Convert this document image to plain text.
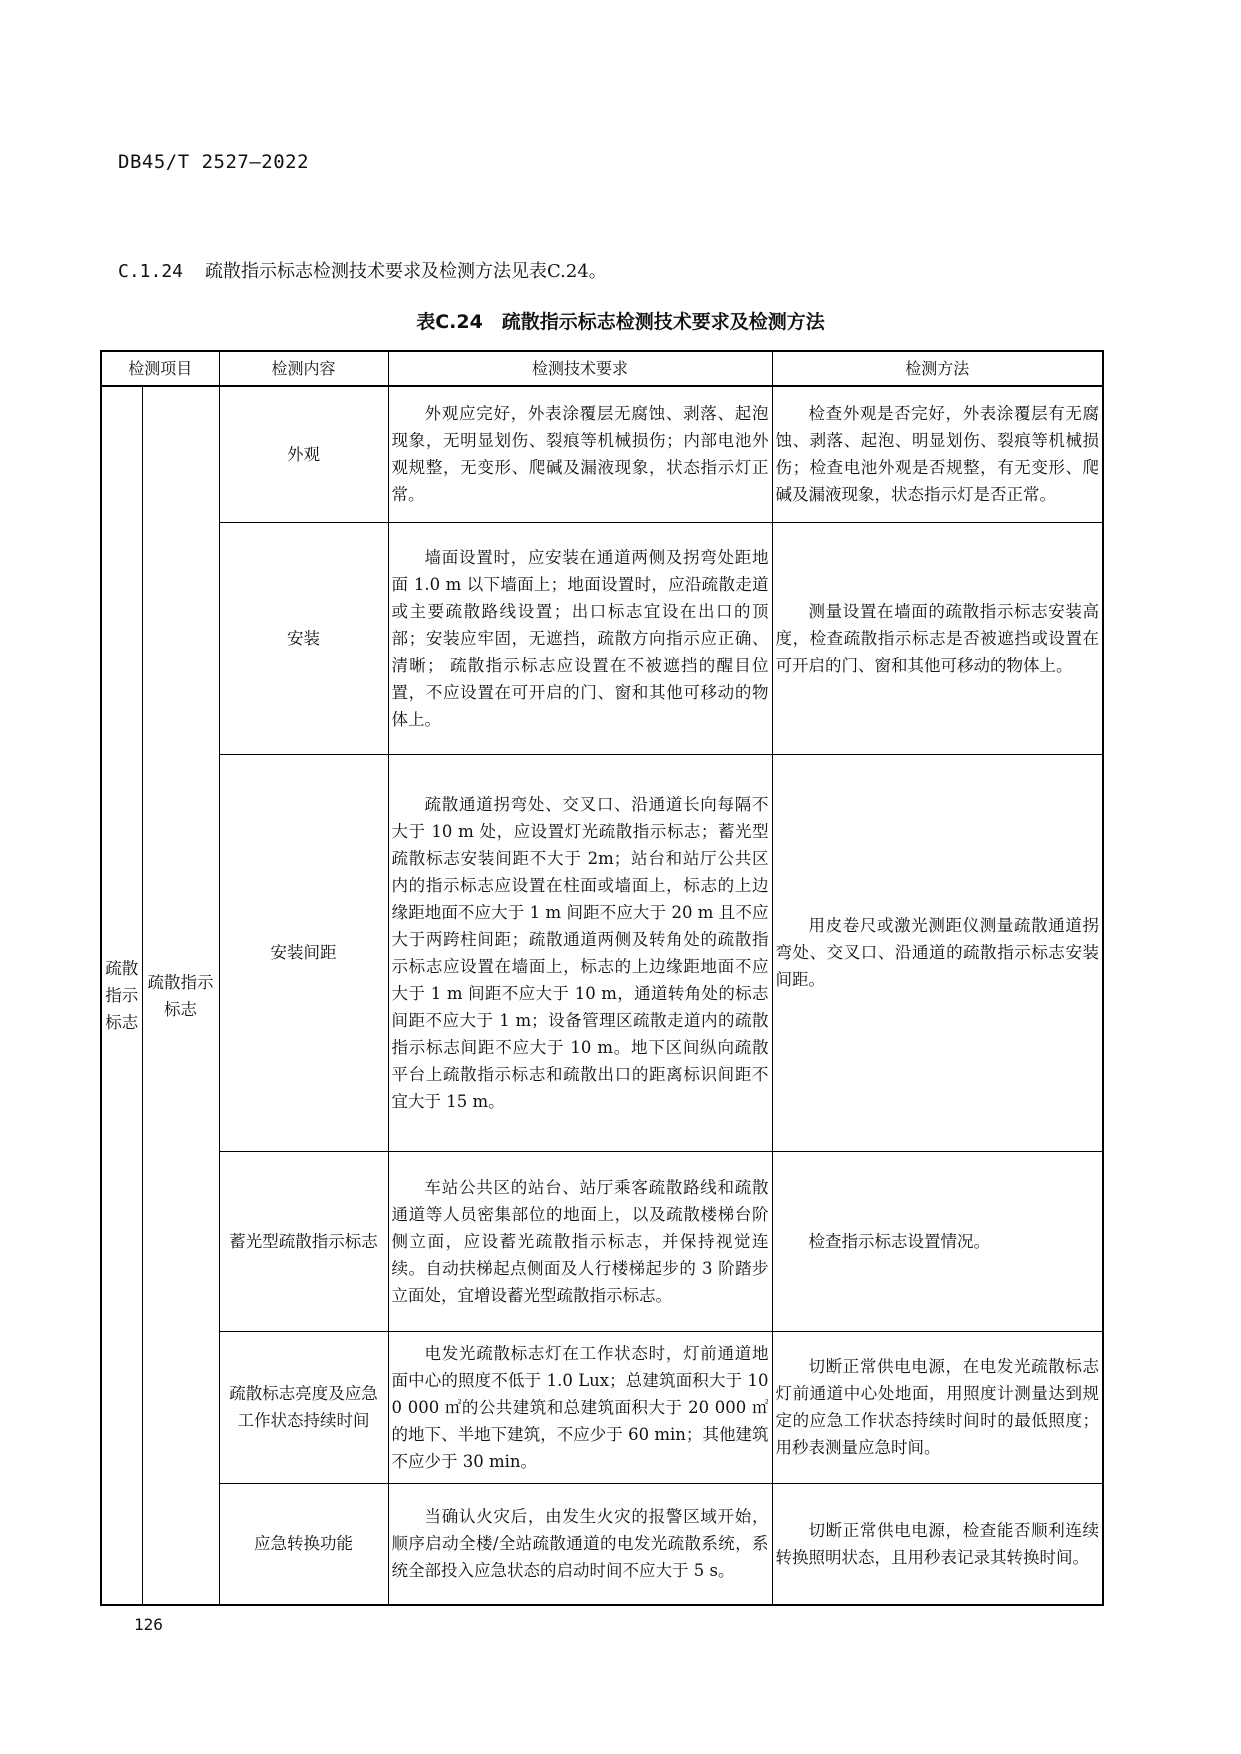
DB45/T 2527—2022
C.1.24 疏散指示标志检测技术要求及检测方法见表C.24。
表C.24　疏散指示标志检测技术要求及检测方法
检测项目		检测内容	检测技术要求	检测方法
疏散指示标志	疏散指示标志	外观	外观应完好，外表涂覆层无腐蚀、剥落、起泡现象，无明显划伤、裂痕等机械损伤；内部电池外观规整，无变形、爬碱及漏液现象，状态指示灯正常。	检查外观是否完好，外表涂覆层有无腐蚀、剥落、起泡、明显划伤、裂痕等机械损伤；检查电池外观是否规整，有无变形、爬碱及漏液现象，状态指示灯是否正常。
		安装	墙面设置时，应安装在通道两侧及拐弯处距地面 1.0 m 以下墙面上；地面设置时，应沿疏散走道或主要疏散路线设置；出口标志宜设在出口的顶部；安装应牢固，无遮挡，疏散方向指示应正确、清晰； 疏散指示标志应设置在不被遮挡的醒目位置，不应设置在可开启的门、窗和其他可移动的物体上。	测量设置在墙面的疏散指示标志安装高度，检查疏散指示标志是否被遮挡或设置在可开启的门、窗和其他可移动的物体上。
		安装间距	疏散通道拐弯处、交叉口、沿通道长向每隔不大于 10 m 处，应设置灯光疏散指示标志；蓄光型疏散标志安装间距不大于 2m；站台和站厅公共区内的指示标志应设置在柱面或墙面上，标志的上边缘距地面不应大于 1 m 间距不应大于 20 m 且不应大于两跨柱间距；疏散通道两侧及转角处的疏散指示标志应设置在墙面上，标志的上边缘距地面不应大于 1 m 间距不应大于 10 m，通道转角处的标志间距不应大于 1 m；设备管理区疏散走道内的疏散指示标志间距不应大于 10 m。地下区间纵向疏散平台上疏散指示标志和疏散出口的距离标识间距不宜大于 15 m。	用皮卷尺或激光测距仪测量疏散通道拐弯处、交叉口、沿通道的疏散指示标志安装间距。
		蓄光型疏散指示标志	车站公共区的站台、站厅乘客疏散路线和疏散通道等人员密集部位的地面上，以及疏散楼梯台阶侧立面，应设蓄光疏散指示标志，并保持视觉连续。自动扶梯起点侧面及人行楼梯起步的 3 阶踏步立面处，宜增设蓄光型疏散指示标志。	检查指示标志设置情况。
		疏散标志亮度及应急工作状态持续时间	电发光疏散标志灯在工作状态时，灯前通道地面中心的照度不低于 1.0 Lux；总建筑面积大于 100 000 ㎡的公共建筑和总建筑面积大于 20 000 ㎡的地下、半地下建筑，不应少于 60 min；其他建筑不应少于 30 min。	切断正常供电电源，在电发光疏散标志灯前通道中心处地面，用照度计测量达到规定的应急工作状态持续时间时的最低照度；用秒表测量应急时间。
		应急转换功能	当确认火灾后，由发生火灾的报警区域开始，顺序启动全楼/全站疏散通道的电发光疏散系统，系统全部投入应急状态的启动时间不应大于 5 s。	切断正常供电电源，检查能否顺利连续转换照明状态，且用秒表记录其转换时间。
126
